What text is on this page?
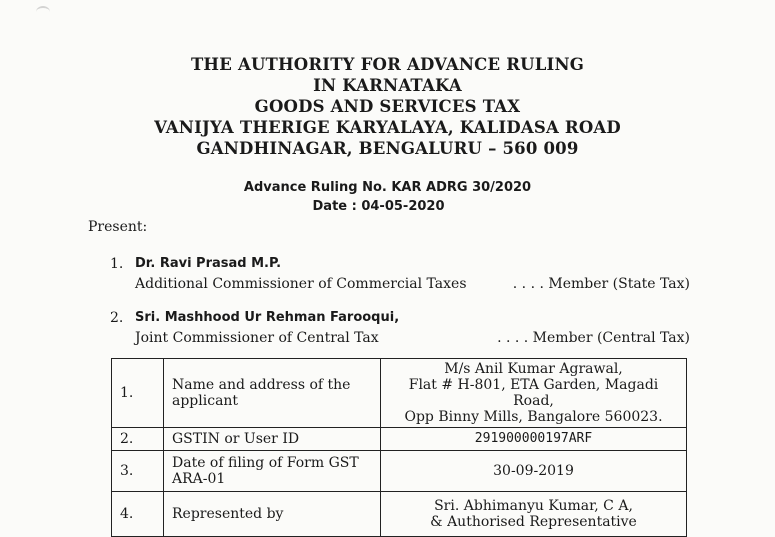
THE AUTHORITY FOR ADVANCE RULING
IN KARNATAKA
GOODS AND SERVICES TAX
VANIJYA THERIGE KARYALAYA, KALIDASA ROAD
GANDHINAGAR, BENGALURU – 560 009
Advance Ruling No. KAR ADRG 30/2020
Date : 04-05-2020
Present:
1. Dr. Ravi Prasad M.P.
Additional Commissioner of Commercial Taxes	. . . . Member (State Tax)
2. Sri. Mashhood Ur Rehman Farooqui,
Joint Commissioner of Central Tax	. . . . Member (Central Tax)
1.	Name and address of the applicant	M/s Anil Kumar Agrawal,
Flat # H-801, ETA Garden, Magadi Road,
Opp Binny Mills, Bangalore 560023.

2.	GSTIN or User ID	291900000197ARF

3.	Date of filing of Form GST ARA-01	30-09-2019

4.	Represented by	Sri. Abhimanyu Kumar, C A,
& Authorised Representative
